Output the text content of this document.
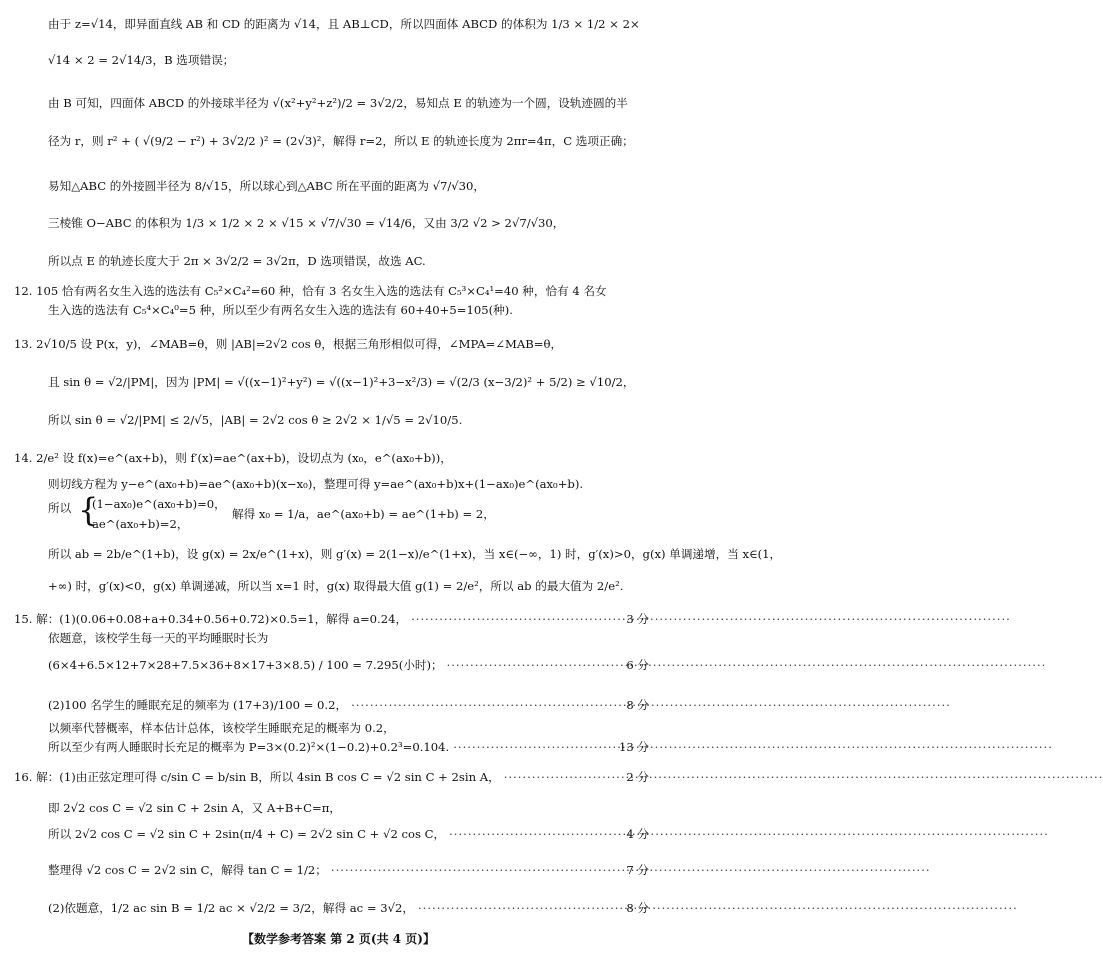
由于 z=√14，即异面直线 AB 和 CD 的距离为 √14，且 AB⊥CD，所以四面体 ABCD 的体积为 1/3 × 1/2 × 2×
√14 × 2 = 2√14/3，B 选项错误；
由 B 可知，四面体 ABCD 的外接球半径为 √(x²+y²+z²)/2 = 3√2/2，易知点 E 的轨迹为一个圆，设轨迹圆的半
径为 r，则 r² + ( √(9/2 − r²) + 3√2/2 )² = (2√3)²，解得 r=2，所以 E 的轨迹长度为 2πr=4π，C 选项正确；
易知△ABC 的外接圆半径为 8/√15，所以球心到△ABC 所在平面的距离为 √7/√30，
三棱锥 O−ABC 的体积为 1/3 × 1/2 × 2 × √15 × √7/√30 = √14/6，又由 3/2 √2 > 2√7/√30，
所以点 E 的轨迹长度大于 2π × 3√2/2 = 3√2π，D 选项错误，故选 AC.
12. 105 恰有两名女生入选的选法有 C₅²×C₄²=60 种，恰有 3 名女生入选的选法有 C₅³×C₄¹=40 种，恰有 4 名女
生入选的选法有 C₅⁴×C₄⁰=5 种，所以至少有两名女生入选的选法有 60+40+5=105(种).
13. 2√10/5 设 P(x，y)，∠MAB=θ，则 |AB|=2√2 cos θ，根据三角形相似可得，∠MPA=∠MAB=θ，
且 sin θ = √2/|PM|，因为 |PM| = √((x−1)²+y²) = √((x−1)²+3−x²/3) = √(2/3 (x−3/2)² + 5/2) ≥ √10/2，
所以 sin θ = √2/|PM| ≤ 2/√5，|AB| = 2√2 cos θ ≥ 2√2 × 1/√5 = 2√10/5.
14. 2/e² 设 f(x)=e^(ax+b)，则 f′(x)=ae^(ax+b)，设切点为 (x₀，e^(ax₀+b))，
则切线方程为 y−e^(ax₀+b)=ae^(ax₀+b)(x−x₀)，整理可得 y=ae^(ax₀+b)x+(1−ax₀)e^(ax₀+b).
所以 {
(1−ax₀)e^(ax₀+b)=0，
ae^(ax₀+b)=2，
解得 x₀ = 1/a，ae^(ax₀+b) = ae^(1+b) = 2，
所以 ab = 2b/e^(1+b)，设 g(x) = 2x/e^(1+x)，则 g′(x) = 2(1−x)/e^(1+x)，当 x∈(−∞，1) 时，g′(x)>0，g(x) 单调递增，当 x∈(1，
+∞) 时，g′(x)<0，g(x) 单调递减，所以当 x=1 时，g(x) 取得最大值 g(1) = 2/e²，所以 ab 的最大值为 2/e².
15. 解：(1)(0.06+0.08+a+0.34+0.56+0.72)×0.5=1，解得 a=0.24， ·····	3 分
依题意，该校学生每一天的平均睡眠时长为
(6×4+6.5×12+7×28+7.5×36+8×17+3×8.5) / 100 = 7.295(小时)； ·····	6 分
(2)100 名学生的睡眠充足的频率为 (17+3)/100 = 0.2， ·····	8 分
以频率代替概率，样本估计总体，该校学生睡眠充足的概率为 0.2，
所以至少有两人睡眠时长充足的概率为 P=3×(0.2)²×(1−0.2)+0.2³=0.104. ·····	13 分
16. 解：(1)由正弦定理可得 c/sin C = b/sin B，所以 4sin B cos C = √2 sin C + 2sin A， ·····	2 分
即 2√2 cos C = √2 sin C + 2sin A，又 A+B+C=π，
所以 2√2 cos C = √2 sin C + 2sin(π/4 + C) = 2√2 sin C + √2 cos C， ·····	4 分
整理得 √2 cos C = 2√2 sin C，解得 tan C = 1/2； ·····	7 分
(2)依题意，1/2 ac sin B = 1/2 ac × √2/2 = 3/2，解得 ac = 3√2， ·····	8 分
【数学参考答案 第 2 页(共 4 页)】
